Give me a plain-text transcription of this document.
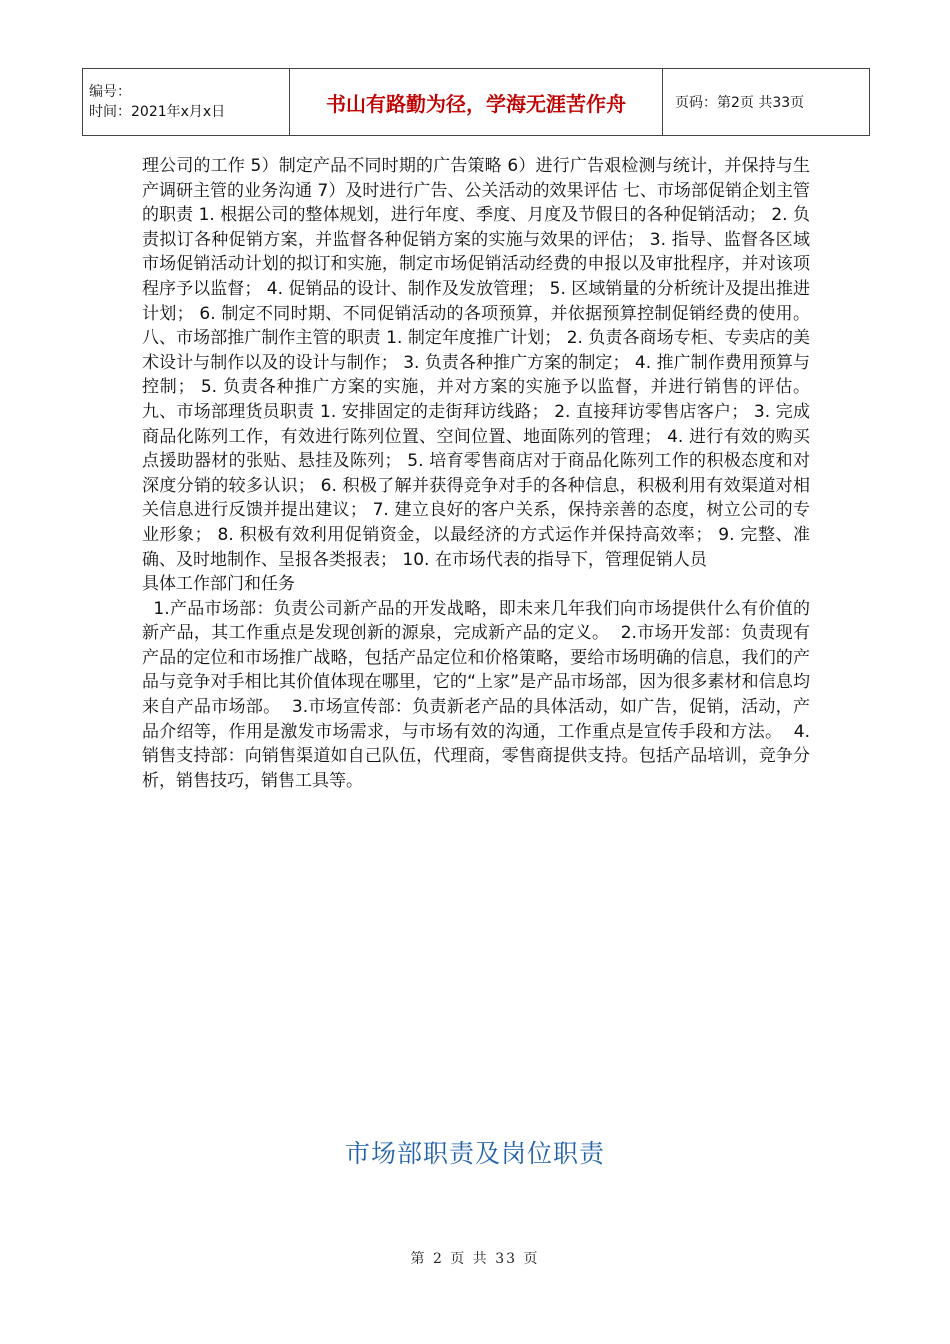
编号：
时间：2021年x月x日	书山有路勤为径，学海无涯苦作舟	页码：第2页 共33页

理公司的工作 5）制定产品不同时期的广告策略 6）进行广告艰检测与统计，并保持与生产调研主管的业务沟通 7）及时进行广告、公关活动的效果评估 七、市场部促销企划主管的职责 1. 根据公司的整体规划，进行年度、季度、月度及节假日的各种促销活动； 2. 负责拟订各种促销方案，并监督各种促销方案的实施与效果的评估； 3. 指导、监督各区域市场促销活动计划的拟订和实施，制定市场促销活动经费的申报以及审批程序，并对该项程序予以监督； 4. 促销品的设计、制作及发放管理； 5. 区域销量的分析统计及提出推进计划； 6. 制定不同时期、不同促销活动的各项预算，并依据预算控制促销经费的使用。 八、市场部推广制作主管的职责 1. 制定年度推广计划； 2. 负责各商场专柜、专卖店的美术设计与制作以及的设计与制作； 3. 负责各种推广方案的制定； 4. 推广制作费用预算与控制； 5. 负责各种推广方案的实施，并对方案的实施予以监督，并进行销售的评估。 九、市场部理货员职责 1. 安排固定的走街拜访线路； 2. 直接拜访零售店客户； 3. 完成商品化陈列工作，有效进行陈列位置、空间位置、地面陈列的管理； 4. 进行有效的购买点援助器材的张贴、悬挂及陈列； 5. 培育零售商店对于商品化陈列工作的积极态度和对深度分销的较多认识； 6. 积极了解并获得竞争对手的各种信息，积极利用有效渠道对相关信息进行反馈并提出建议； 7. 建立良好的客户关系，保持亲善的态度，树立公司的专业形象； 8. 积极有效利用促销资金，以最经济的方式运作并保持高效率； 9. 完整、准确、及时地制作、呈报各类报表； 10. 在市场代表的指导下，管理促销人员

具体工作部门和任务

1.产品市场部：负责公司新产品的开发战略，即未来几年我们向市场提供什么有价值的新产品，其工作重点是发现创新的源泉，完成新产品的定义。  2.市场开发部：负责现有产品的定位和市场推广战略，包括产品定位和价格策略，要给市场明确的信息，我们的产品与竞争对手相比其价值体现在哪里，它的“上家”是产品市场部，因为很多素材和信息均来自产品市场部。  3.市场宣传部：负责新老产品的具体活动，如广告，促销，活动，产品介绍等，作用是激发市场需求，与市场有效的沟通，工作重点是宣传手段和方法。  4.销售支持部：向销售渠道如自己队伍，代理商，零售商提供支持。包括产品培训，竞争分析，销售技巧，销售工具等。

市场部职责及岗位职责
第 2 页 共 33 页
